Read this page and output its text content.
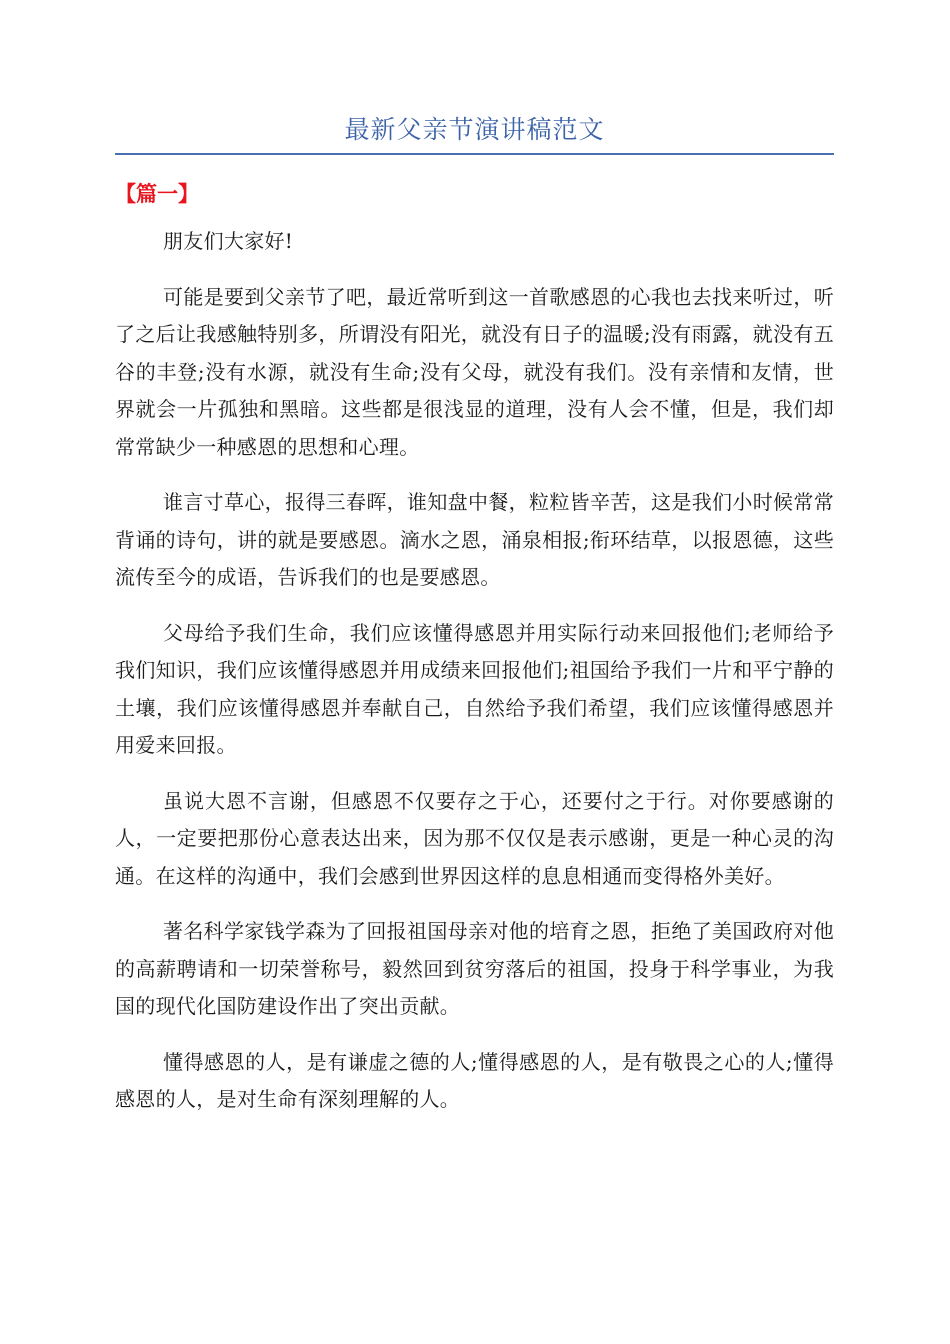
最新父亲节演讲稿范文
【篇一】

朋友们大家好!

可能是要到父亲节了吧，最近常听到这一首歌感恩的心我也去找来听过，听了之后让我感触特别多，所谓没有阳光，就没有日子的温暖;没有雨露，就没有五谷的丰登;没有水源，就没有生命;没有父母，就没有我们。没有亲情和友情，世界就会一片孤独和黑暗。这些都是很浅显的道理，没有人会不懂，但是，我们却常常缺少一种感恩的思想和心理。

谁言寸草心，报得三春晖，谁知盘中餐，粒粒皆辛苦，这是我们小时候常常背诵的诗句，讲的就是要感恩。滴水之恩，涌泉相报;衔环结草，以报恩德，这些流传至今的成语，告诉我们的也是要感恩。

父母给予我们生命，我们应该懂得感恩并用实际行动来回报他们;老师给予我们知识，我们应该懂得感恩并用成绩来回报他们;祖国给予我们一片和平宁静的土壤，我们应该懂得感恩并奉献自己，自然给予我们希望，我们应该懂得感恩并用爱来回报。

虽说大恩不言谢，但感恩不仅要存之于心，还要付之于行。对你要感谢的人，一定要把那份心意表达出来，因为那不仅仅是表示感谢，更是一种心灵的沟通。在这样的沟通中，我们会感到世界因这样的息息相通而变得格外美好。

著名科学家钱学森为了回报祖国母亲对他的培育之恩，拒绝了美国政府对他的高薪聘请和一切荣誉称号，毅然回到贫穷落后的祖国，投身于科学事业，为我国的现代化国防建设作出了突出贡献。

懂得感恩的人，是有谦虚之德的人;懂得感恩的人，是有敬畏之心的人;懂得感恩的人，是对生命有深刻理解的人。
